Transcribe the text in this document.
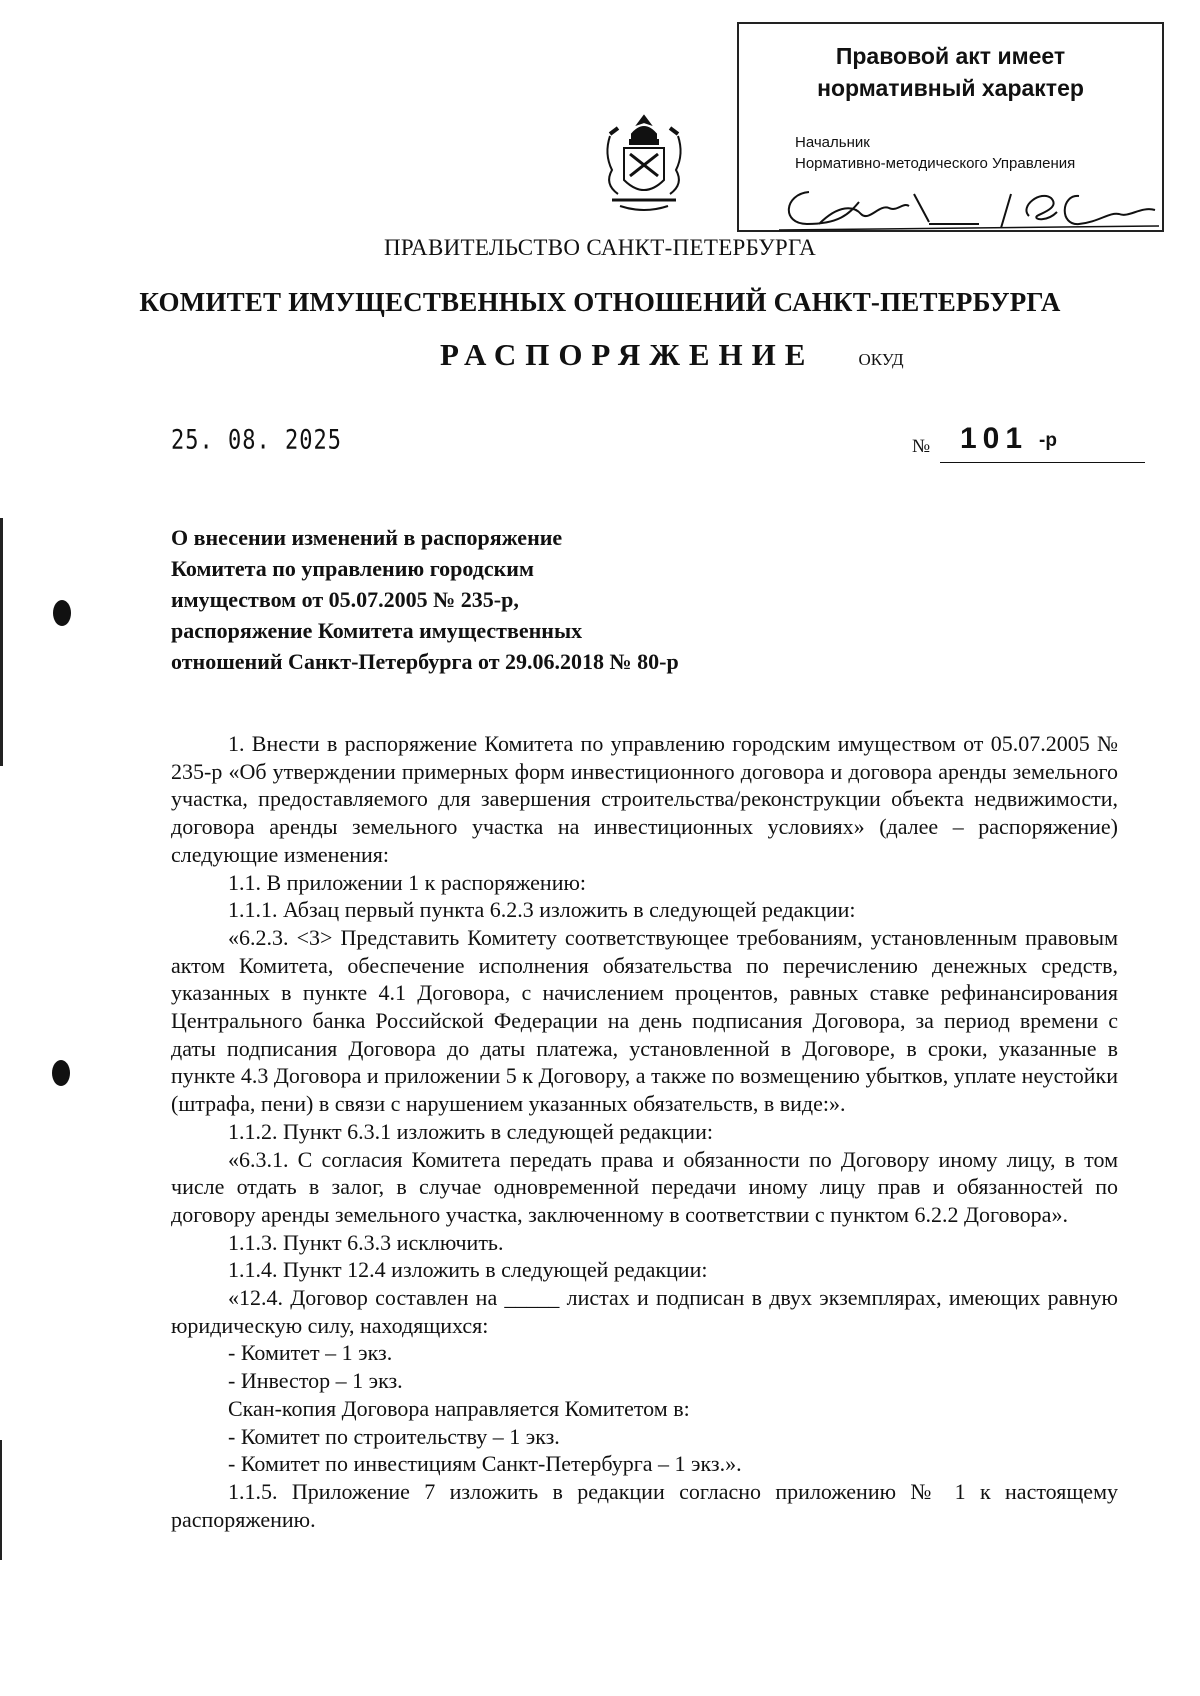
Правовой акт имеет
нормативный характер
Начальник
Нормативно-методического Управления
ПРАВИТЕЛЬСТВО САНКТ-ПЕТЕРБУРГА
КОМИТЕТ ИМУЩЕСТВЕННЫХ ОТНОШЕНИЙ САНКТ-ПЕТЕРБУРГА
РАСПОРЯЖЕНИЕ	ОКУД
25. 08. 2025	№ 101 -р
О внесении изменений в распоряжение
Комитета по управлению городским
имуществом от 05.07.2005 № 235-р,
распоряжение Комитета имущественных
отношений Санкт-Петербурга от 29.06.2018 № 80-р

1. Внести в распоряжение Комитета по управлению городским имуществом от 05.07.2005 № 235-р «Об утверждении примерных форм инвестиционного договора и договора аренды земельного участка, предоставляемого для завершения строительства/реконструкции объекта недвижимости, договора аренды земельного участка на инвестиционных условиях» (далее – распоряжение) следующие изменения:

1.1. В приложении 1 к распоряжению:

1.1.1. Абзац первый пункта 6.2.3 изложить в следующей редакции:

«6.2.3. <3> Представить Комитету соответствующее требованиям, установленным правовым актом Комитета, обеспечение исполнения обязательства по перечислению денежных средств, указанных в пункте 4.1 Договора, с начислением процентов, равных ставке рефинансирования Центрального банка Российской Федерации на день подписания Договора, за период времени с даты подписания Договора до даты платежа, установленной в Договоре, в сроки, указанные в пункте 4.3 Договора и приложении 5 к Договору, а также по возмещению убытков, уплате неустойки (штрафа, пени) в связи с нарушением указанных обязательств, в виде:».

1.1.2. Пункт 6.3.1 изложить в следующей редакции:

«6.3.1. С согласия Комитета передать права и обязанности по Договору иному лицу, в том числе отдать в залог, в случае одновременной передачи иному лицу прав и обязанностей по договору аренды земельного участка, заключенному в соответствии с пунктом 6.2.2 Договора».

1.1.3. Пункт 6.3.3 исключить.

1.1.4. Пункт 12.4 изложить в следующей редакции:

«12.4. Договор составлен на _____ листах и подписан в двух экземплярах, имеющих равную юридическую силу, находящихся:

- Комитет – 1 экз.

- Инвестор – 1 экз.

Скан-копия Договора направляется Комитетом в:

- Комитет по строительству – 1 экз.

- Комитет по инвестициям Санкт-Петербурга – 1 экз.».

1.1.5. Приложение 7 изложить в редакции согласно приложению № 1 к настоящему распоряжению.
